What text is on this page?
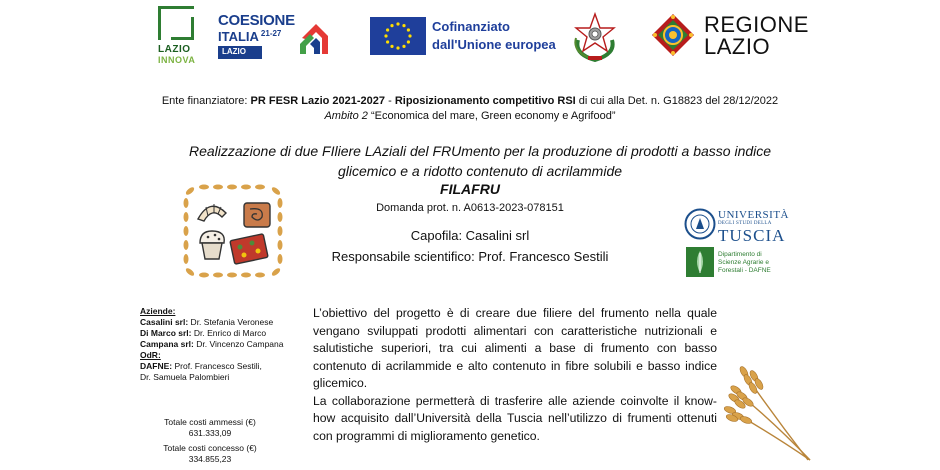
LAZIO
INNOVA
COESIONE
ITALIA $^{21-27}$
LAZIO
Cofinanziato
dall'Unione europea
REGIONE
LAZIO
Ente finanziatore: PR FESR Lazio 2021-2027 - Riposizionamento competitivo RSI di cui alla Det. n. G18823 del 28/12/2022
Ambito 2 “Economica del mare, Green economy e Agrifood”
Realizzazione di due FIliere LAziali del FRUmento per la produzione di prodotti a basso indice glicemico e a ridotto contenuto di acrilammide
FILAFRU
Domanda prot. n. A0613-2023-078151
Capofila: Casalini srl
Responsabile scientifico: Prof. Francesco Sestili
UNIVERSITÀ
DEGLI STUDI DELLA
TUSCIA
Dipartimento di
Scienze Agrarie e
Forestali - DAFNE
Aziende:
Casalini srl: Dr. Stefania Veronese
Di Marco srl: Dr. Enrico di Marco
Campana srl: Dr. Vincenzo Campana
OdR:
DAFNE: Prof. Francesco Sestili,
Dr. Samuela Palombieri
Totale costi ammessi (€)
631.333,09
Totale costi concesso (€)
334.855,23

L’obiettivo del progetto è di creare due filiere del frumento nella quale vengano sviluppati prodotti alimentari con caratteristiche nutrizionali e salutistiche superiori, tra cui alimenti a base di frumento con basso contenuto di acrilammide e alto contenuto in fibre solubili e basso indice glicemico.

La collaborazione permetterà di trasferire alle aziende coinvolte il know-how acquisito dall’Università della Tuscia nell’utilizzo di frumenti ottenuti con programmi di miglioramento genetico.
